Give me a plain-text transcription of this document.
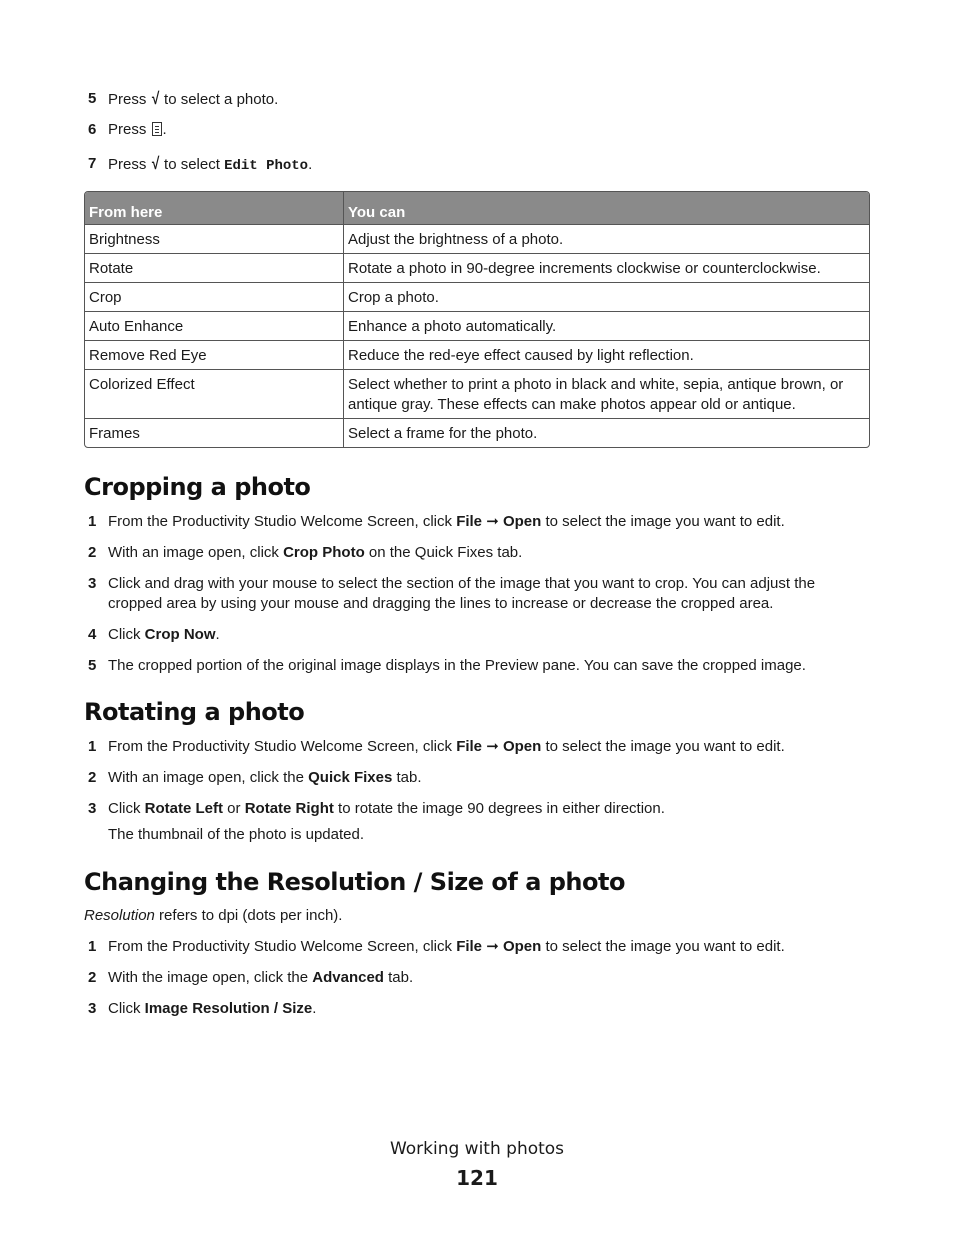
5 Press √ to select a photo.
6 Press
.
7 Press √ to select Edit Photo.
From here	You can
Brightness	Adjust the brightness of a photo.
Rotate	Rotate a photo in 90-degree increments clockwise or counterclockwise.
Crop	Crop a photo.
Auto Enhance	Enhance a photo automatically.
Remove Red Eye	Reduce the red-eye effect caused by light reflection.
Colorized Effect	Select whether to print a photo in black and white, sepia, antique brown, or antique gray. These effects can make photos appear old or antique.
Frames	Select a frame for the photo.
Cropping a photo
1 From the Productivity Studio Welcome Screen, click File ➞ Open to select the image you want to edit.
2 With an image open, click Crop Photo on the Quick Fixes tab.
3 Click and drag with your mouse to select the section of the image that you want to crop. You can adjust the cropped area by using your mouse and dragging the lines to increase or decrease the cropped area.
4 Click Crop Now.
5 The cropped portion of the original image displays in the Preview pane. You can save the cropped image.
Rotating a photo
1 From the Productivity Studio Welcome Screen, click File ➞ Open to select the image you want to edit.
2 With an image open, click the Quick Fixes tab.
3 Click Rotate Left or Rotate Right to rotate the image 90 degrees in either direction.
The thumbnail of the photo is updated.
Changing the Resolution / Size of a photo
Resolution refers to dpi (dots per inch).
1 From the Productivity Studio Welcome Screen, click File ➞ Open to select the image you want to edit.
2 With the image open, click the Advanced tab.
3 Click Image Resolution / Size.
Working with photos
121
